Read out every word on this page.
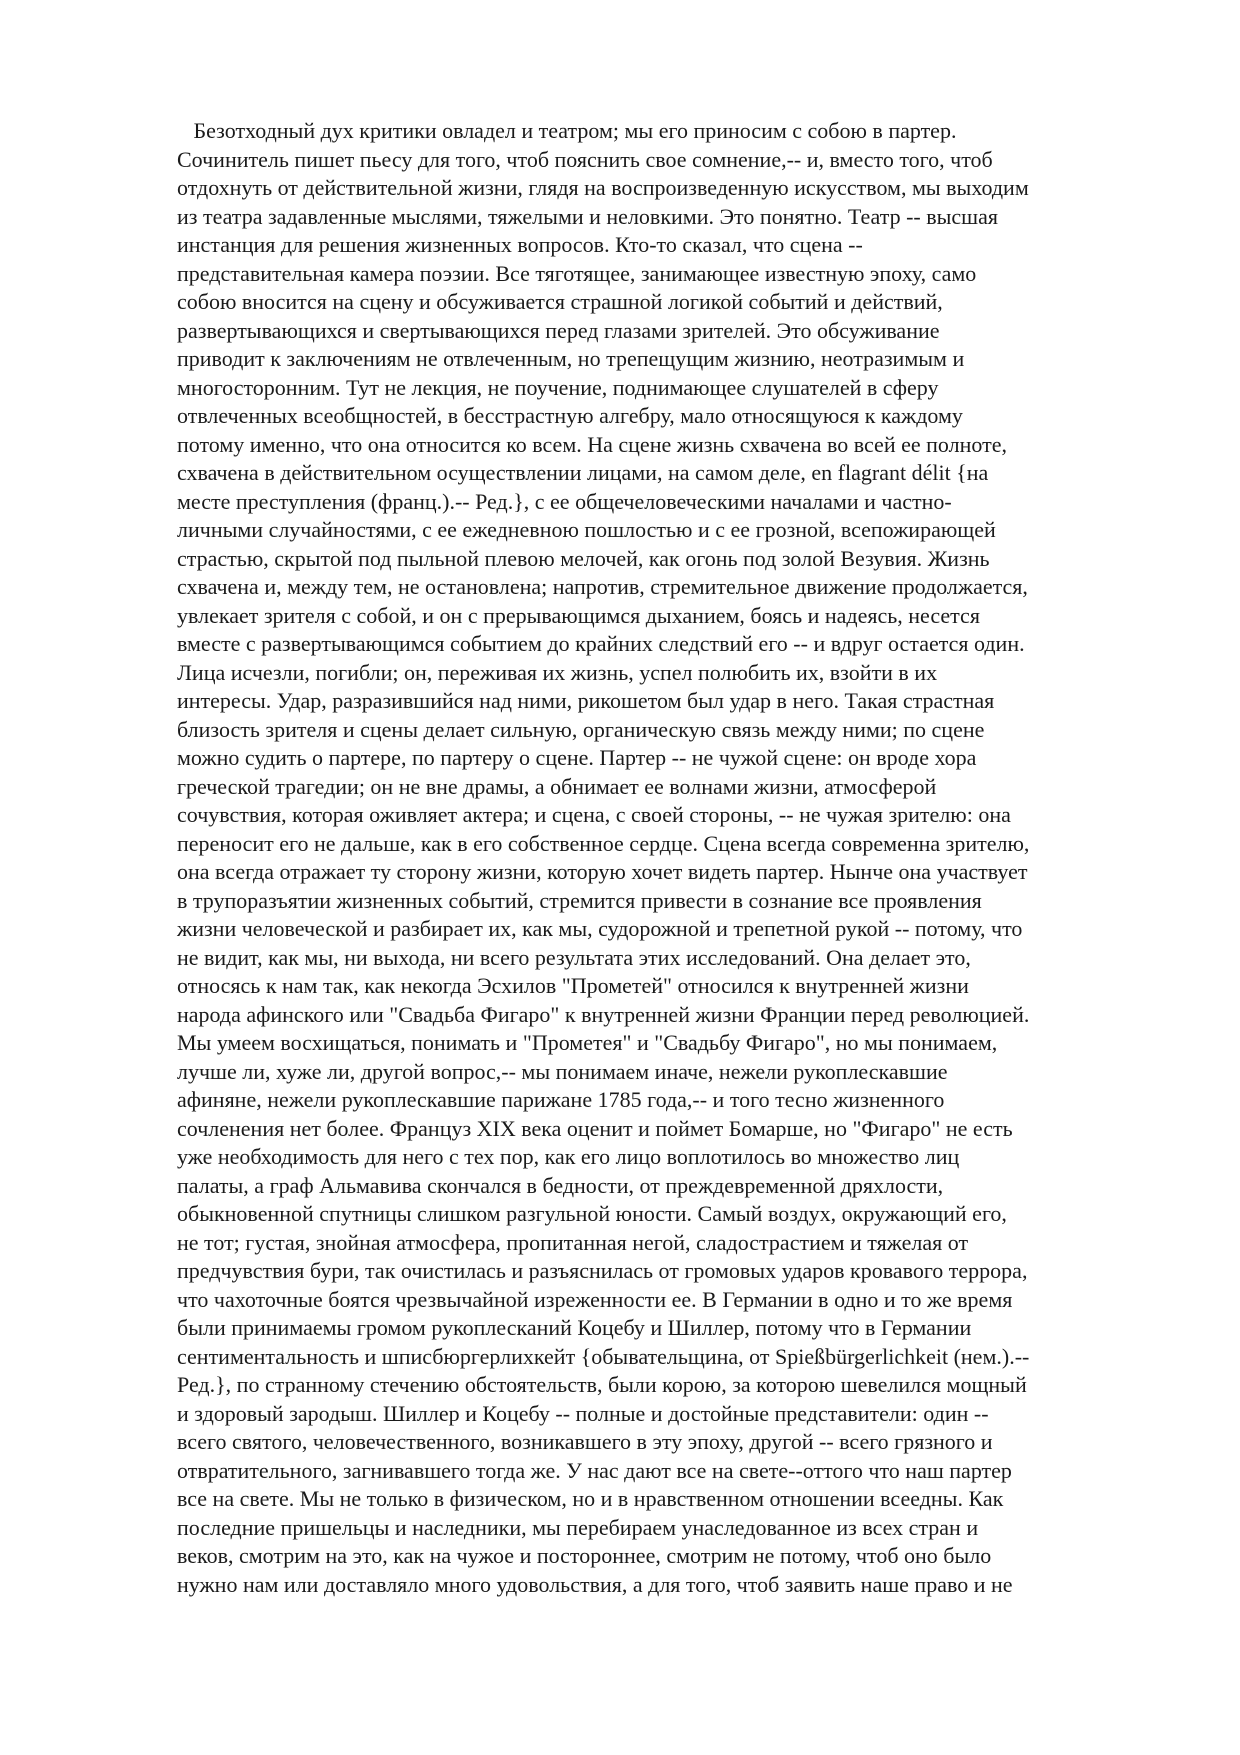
Безотходный дух критики овладел и театром; мы его приносим с собою в партер.
Сочинитель пишет пьесу для того, чтоб пояснить свое сомнение,-- и, вместо того, чтоб
отдохнуть от действительной жизни, глядя на воспроизведенную искусством, мы выходим
из театра задавленные мыслями, тяжелыми и неловкими. Это понятно. Театр -- высшая
инстанция для решения жизненных вопросов. Кто-то сказал, что сцена --
представительная камера поэзии. Все тяготящее, занимающее известную эпоху, само
собою вносится на сцену и обсуживается страшной логикой событий и действий,
развертывающихся и свертывающихся перед глазами зрителей. Это обсуживание
приводит к заключениям не отвлеченным, но трепещущим жизнию, неотразимым и
многосторонним. Тут не лекция, не поучение, поднимающее слушателей в сферу
отвлеченных всеобщностей, в бесстрастную алгебру, мало относящуюся к каждому
потому именно, что она относится ко всем. На сцене жизнь схвачена во всей ее полноте,
схвачена в действительном осуществлении лицами, на самом деле, en flagrant délit {на
месте преступления (франц.).-- Ред.}, с ее общечеловеческими началами и частно-
личными случайностями, с ее ежедневною пошлостью и с ее грозной, всепожирающей
страстью, скрытой под пыльной плевою мелочей, как огонь под золой Везувия. Жизнь
схвачена и, между тем, не остановлена; напротив, стремительное движение продолжается,
увлекает зрителя с собой, и он с прерывающимся дыханием, боясь и надеясь, несется
вместе с развертывающимся событием до крайних следствий его -- и вдруг остается один.
Лица исчезли, погибли; он, переживая их жизнь, успел полюбить их, взойти в их
интересы. Удар, разразившийся над ними, рикошетом был удар в него. Такая страстная
близость зрителя и сцены делает сильную, органическую связь между ними; по сцене
можно судить о партере, по партеру о сцене. Партер -- не чужой сцене: он вроде хора
греческой трагедии; он не вне драмы, а обнимает ее волнами жизни, атмосферой
сочувствия, которая оживляет актера; и сцена, с своей стороны, -- не чужая зрителю: она
переносит его не дальше, как в его собственное сердце. Сцена всегда современна зрителю,
она всегда отражает ту сторону жизни, которую хочет видеть партер. Нынче она участвует
в трупоразъятии жизненных событий, стремится привести в сознание все проявления
жизни человеческой и разбирает их, как мы, судорожной и трепетной рукой -- потому, что
не видит, как мы, ни выхода, ни всего результата этих исследований. Она делает это,
относясь к нам так, как некогда Эсхилов "Прометей" относился к внутренней жизни
народа афинского или "Свадьба Фигаро" к внутренней жизни Франции перед революцией.
Мы умеем восхищаться, понимать и "Прометея" и "Свадьбу Фигаро", но мы понимаем,
лучше ли, хуже ли, другой вопрос,-- мы понимаем иначе, нежели рукоплескавшие
афиняне, нежели рукоплескавшие парижане 1785 года,-- и того тесно жизненного
сочленения нет более. Француз XIX века оценит и поймет Бомарше, но "Фигаро" не есть
уже необходимость для него с тех пор, как его лицо воплотилось во множество лиц
палаты, а граф Альмавива скончался в бедности, от преждевременной дряхлости,
обыкновенной спутницы слишком разгульной юности. Самый воздух, окружающий его,
не тот; густая, знойная атмосфера, пропитанная негой, сладострастием и тяжелая от
предчувствия бури, так очистилась и разъяснилась от громовых ударов кровавого террора,
что чахоточные боятся чрезвычайной изреженности ее. В Германии в одно и то же время
были принимаемы громом рукоплесканий Коцебу и Шиллер, потому что в Германии
сентиментальность и шписбюргерлихкейт {обывательщина, от Spießbürgerlichkeit (нем.).--
Ред.}, по странному стечению обстоятельств, были корою, за которою шевелился мощный
и здоровый зародыш. Шиллер и Коцебу -- полные и достойные представители: один --
всего святого, человечественного, возникавшего в эту эпоху, другой -- всего грязного и
отвратительного, загнивавшего тогда же. У нас дают все на свете--оттого что наш партер
все на свете. Мы не только в физическом, но и в нравственном отношении всеедны. Как
последние пришельцы и наследники, мы перебираем унаследованное из всех стран и
веков, смотрим на это, как на чужое и постороннее, смотрим не потому, чтоб оно было
нужно нам или доставляло много удовольствия, а для того, чтоб заявить наше право и не
